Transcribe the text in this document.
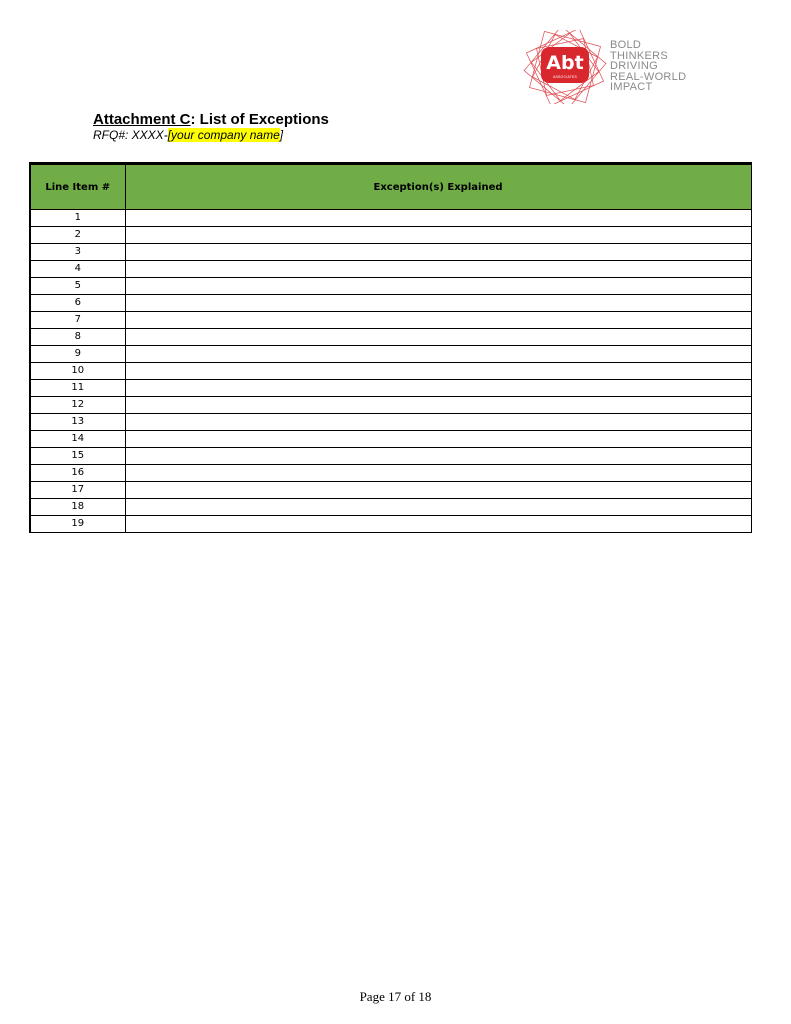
Abt
ASSOCIATES
BOLD
THINKERS
DRIVING
REAL-WORLD
IMPACT
Attachment C: List of Exceptions
RFQ#: XXXX-[your company name]
Line Item #	Exception(s) Explained
1	
2	
3	
4	
5	
6	
7	
8	
9	
10	
11	
12	
13	
14	
15	
16	
17	
18	
19	
Page 17 of 18
